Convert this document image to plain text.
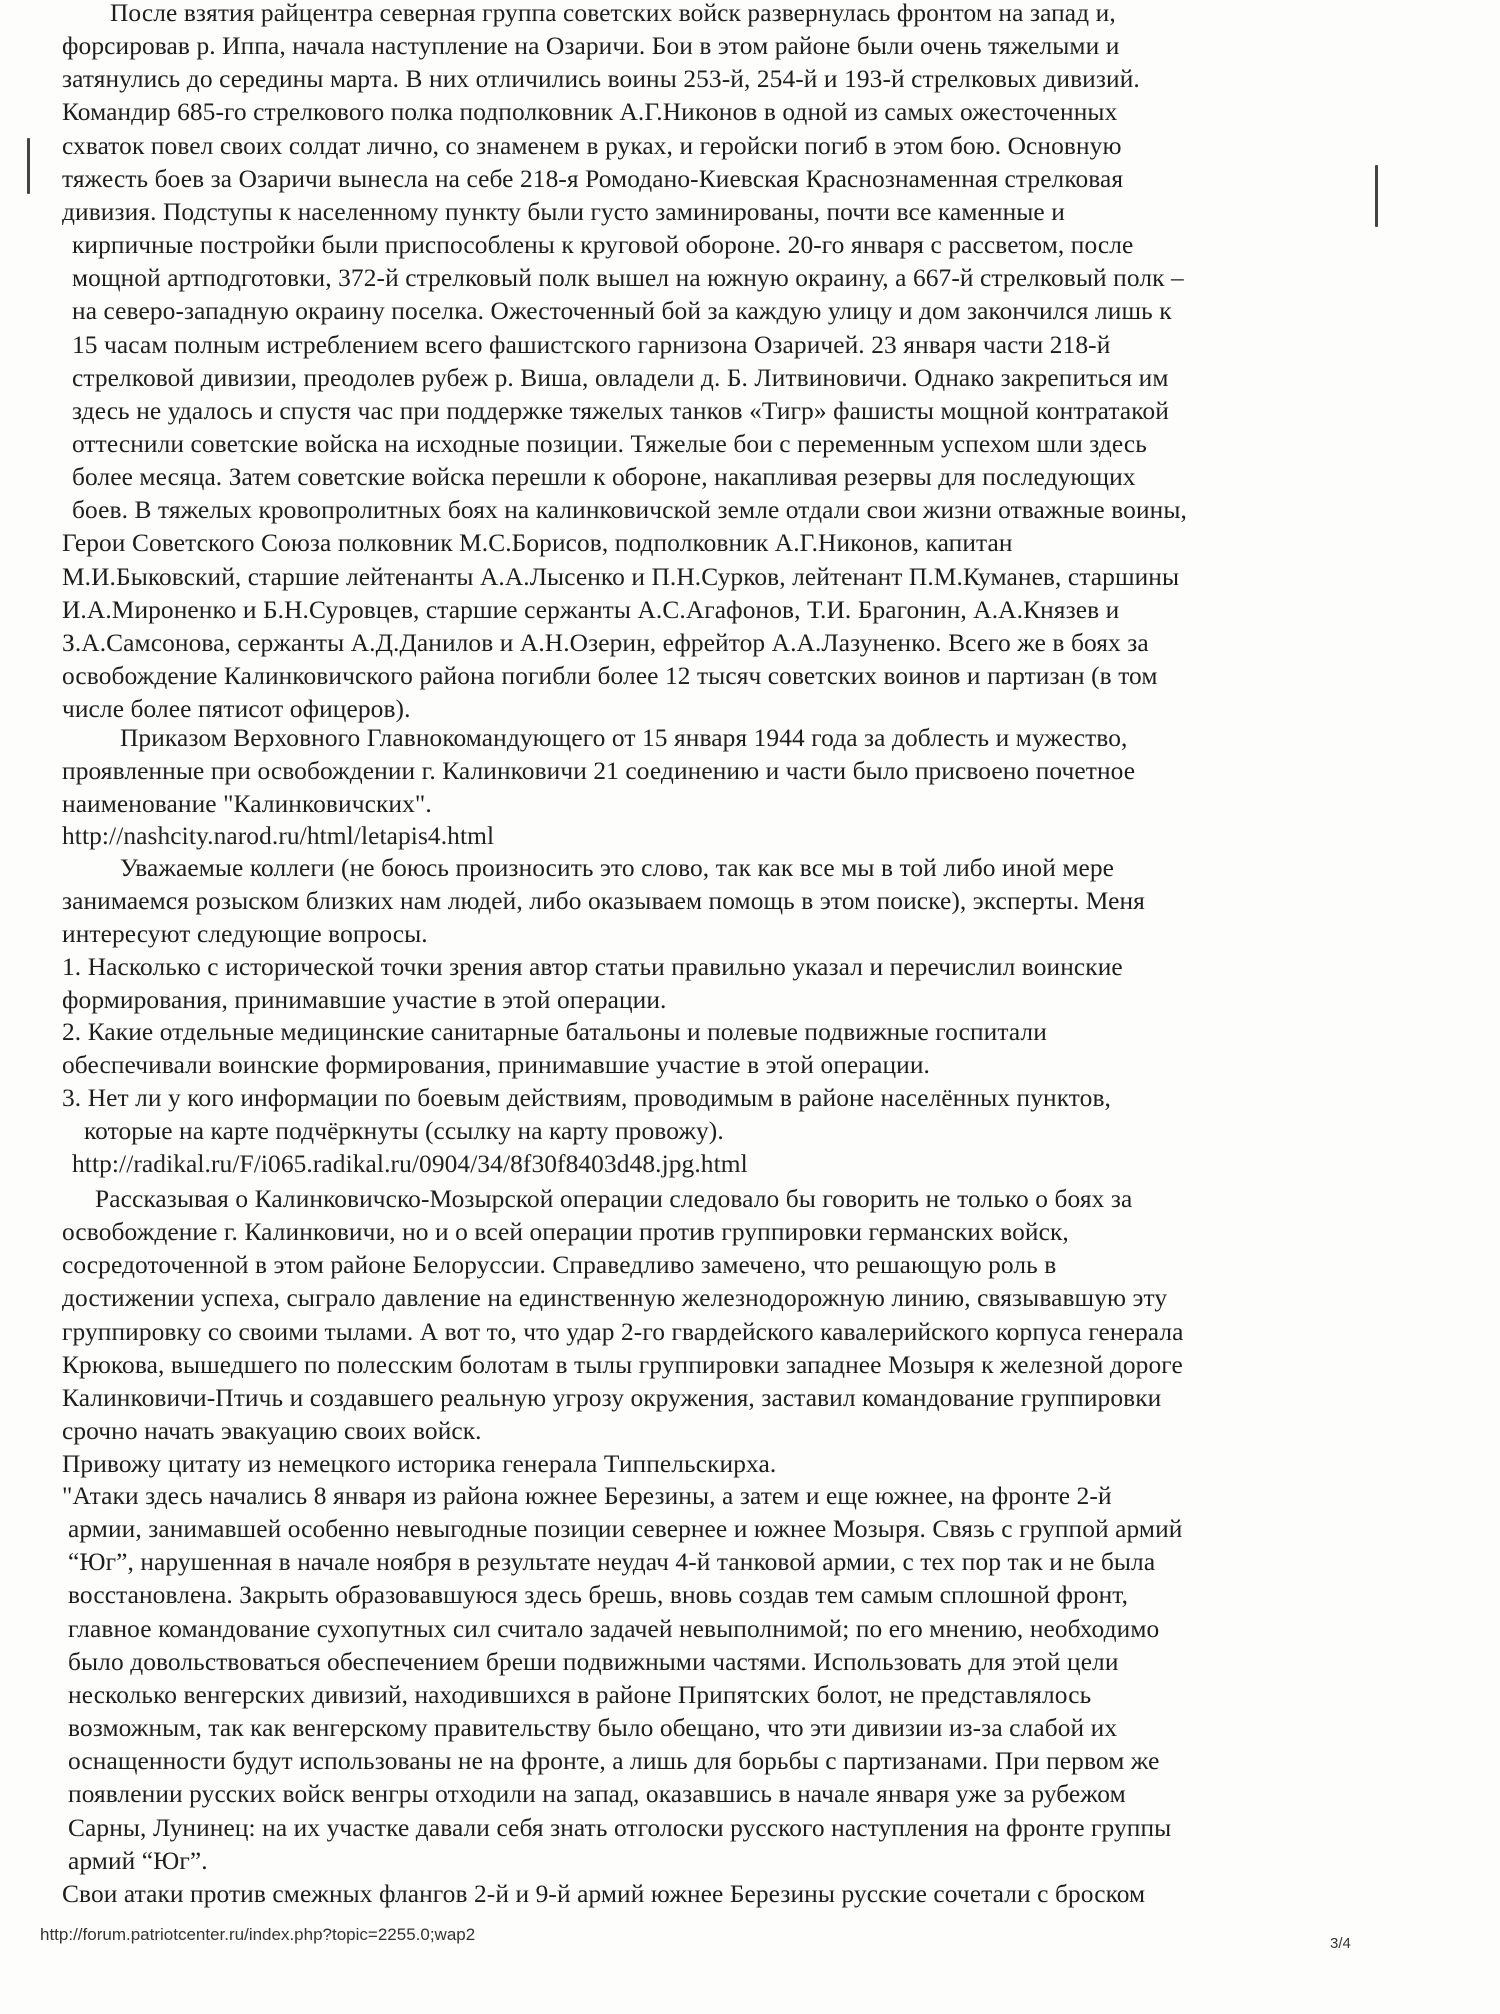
После взятия райцентра северная группа советских войск развернулась фронтом на запад и,

форсировав р. Иппа, начала наступление на Озаричи. Бои в этом районе были очень тяжелыми и

затянулись до середины марта. В них отличились воины 253-й, 254-й и 193-й стрелковых дивизий.

Командир 685-го стрелкового полка подполковник А.Г.Никонов в одной из самых ожесточенных

схваток повел своих солдат лично, со знаменем в руках, и геройски погиб в этом бою. Основную

тяжесть боев за Озаричи вынесла на себе 218-я Ромодано-Киевская Краснознаменная стрелковая

дивизия. Подступы к населенному пункту были густо заминированы, почти все каменные и

кирпичные постройки были приспособлены к круговой обороне. 20-го января с рассветом, после

мощной артподготовки, 372-й стрелковый полк вышел на южную окраину, а 667-й стрелковый полк –

на северо-западную окраину поселка. Ожесточенный бой за каждую улицу и дом закончился лишь к

15 часам полным истреблением всего фашистского гарнизона Озаричей. 23 января части 218-й

стрелковой дивизии, преодолев рубеж р. Виша, овладели д. Б. Литвиновичи. Однако закрепиться им

здесь не удалось и спустя час при поддержке тяжелых танков «Тигр» фашисты мощной контратакой

оттеснили советские войска на исходные позиции. Тяжелые бои с переменным успехом шли здесь

более месяца. Затем советские войска перешли к обороне, накапливая резервы для последующих

боев. В тяжелых кровопролитных боях на калинковичской земле отдали свои жизни отважные воины,

Герои Советского Союза полковник М.С.Борисов, подполковник А.Г.Никонов, капитан

М.И.Быковский, старшие лейтенанты А.А.Лысенко и П.Н.Сурков, лейтенант П.М.Куманев, старшины

И.А.Мироненко и Б.Н.Суровцев, старшие сержанты А.С.Агафонов, Т.И. Брагонин, А.А.Князев и

З.А.Самсонова, сержанты А.Д.Данилов и А.Н.Озерин, ефрейтор А.А.Лазуненко. Всего же в боях за

освобождение Калинковичского района погибли более 12 тысяч советских воинов и партизан (в том

числе более пятисот офицеров).

Приказом Верховного Главнокомандующего от 15 января 1944 года за доблесть и мужество,

проявленные при освобождении г. Калинковичи 21 соединению и части было присвоено почетное

наименование "Калинковичских".

http://nashcity.narod.ru/html/letapis4.html

Уважаемые коллеги (не боюсь произносить это слово, так как все мы в той либо иной мере

занимаемся розыском близких нам людей, либо оказываем помощь в этом поиске), эксперты. Меня

интересуют следующие вопросы.

1. Насколько с исторической точки зрения автор статьи правильно указал и перечислил воинские

формирования, принимавшие участие в этой операции.

2. Какие отдельные медицинские санитарные батальоны и полевые подвижные госпитали

обеспечивали воинские формирования, принимавшие участие в этой операции.

3. Нет ли у кого информации по боевым действиям, проводимым в районе населённых пунктов,

которые на карте подчёркнуты (ссылку на карту провожу).

http://radikal.ru/F/i065.radikal.ru/0904/34/8f30f8403d48.jpg.html

Рассказывая о Калинковичско-Мозырской операции следовало бы говорить не только о боях за

освобождение г. Калинковичи, но и о всей операции против группировки германских войск,

сосредоточенной в этом районе Белоруссии. Справедливо замечено, что решающую роль в

достижении успеха, сыграло давление на единственную железнодорожную линию, связывавшую эту

группировку со своими тылами. А вот то, что удар 2-го гвардейского кавалерийского корпуса генерала

Крюкова, вышедшего по полесским болотам в тылы группировки западнее Мозыря к железной дороге

Калинковичи-Птичь и создавшего реальную угрозу окружения, заставил командование группировки

срочно начать эвакуацию своих войск.

Привожу цитату из немецкого историка генерала Типпельскирха.

"Атаки здесь начались 8 января из района южнее Березины, а затем и еще южнее, на фронте 2-й

армии, занимавшей особенно невыгодные позиции севернее и южнее Мозыря. Связь с группой армий

“Юг”, нарушенная в начале ноября в результате неудач 4-й танковой армии, с тех пор так и не была

восстановлена. Закрыть образовавшуюся здесь брешь, вновь создав тем самым сплошной фронт,

главное командование сухопутных сил считало задачей невыполнимой; по его мнению, необходимо

было довольствоваться обеспечением бреши подвижными частями. Использовать для этой цели

несколько венгерских дивизий, находившихся в районе Припятских болот, не представлялось

возможным, так как венгерскому правительству было обещано, что эти дивизии из-за слабой их

оснащенности будут использованы не на фронте, а лишь для борьбы с партизанами. При первом же

появлении русских войск венгры отходили на запад, оказавшись в начале января уже за рубежом

Сарны, Лунинец: на их участке давали себя знать отголоски русского наступления на фронте группы

армий “Юг”.

Свои атаки против смежных флангов 2-й и 9-й армий южнее Березины русские сочетали с броском

http://forum.patriotcenter.ru/index.php?topic=2255.0;wap2	3/4
